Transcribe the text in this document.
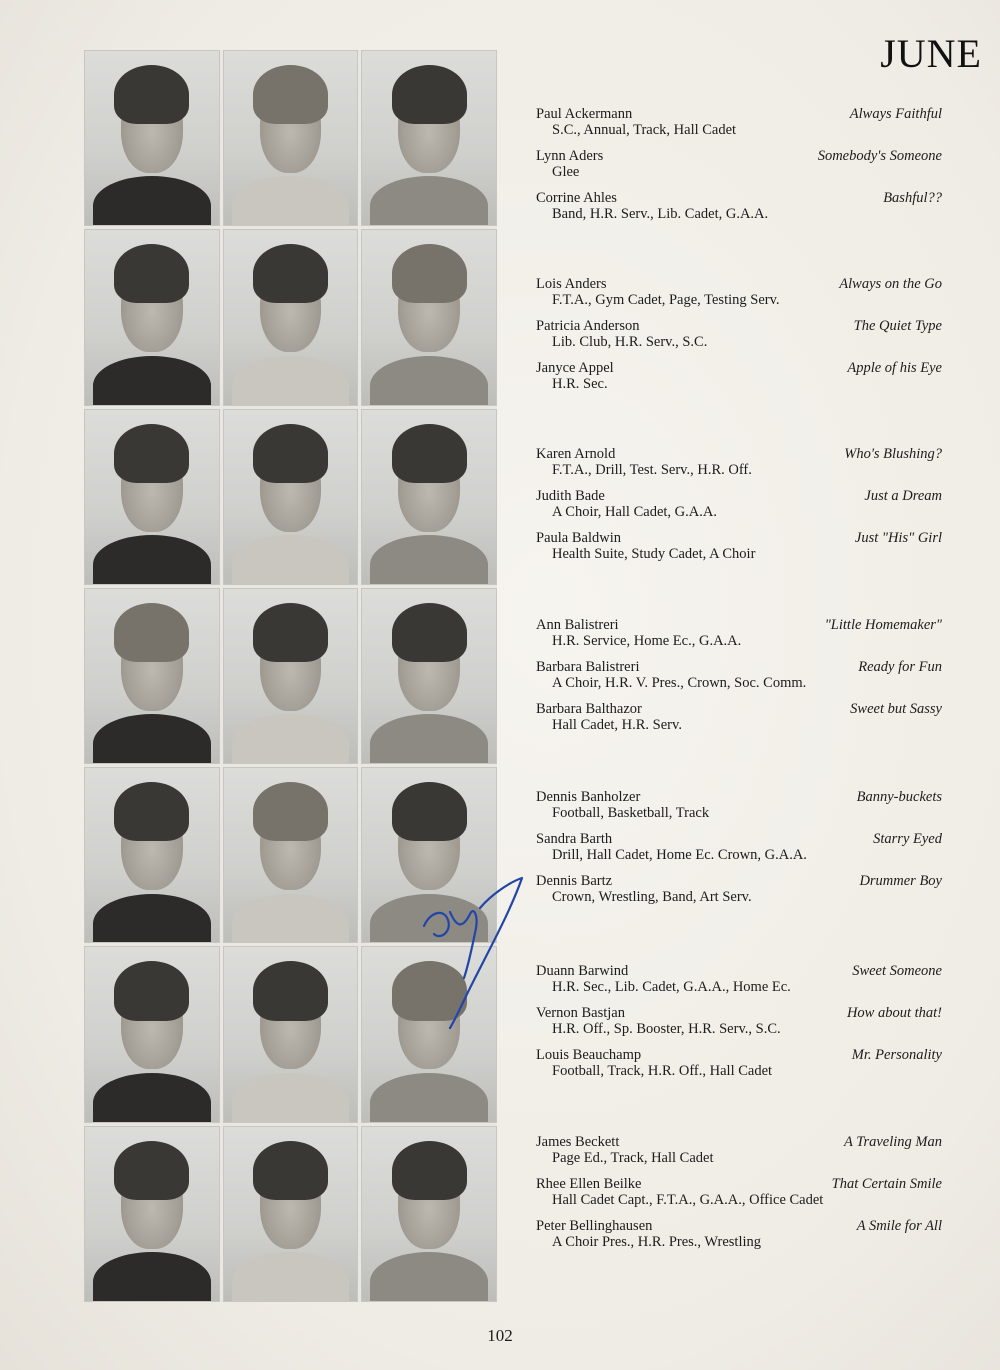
JUNE
Paul Ackermann	Always Faithful
S.C., Annual, Track, Hall Cadet
Lynn Aders	Somebody's Someone
Glee
Corrine Ahles	Bashful??
Band, H.R. Serv., Lib. Cadet, G.A.A.
Lois Anders	Always on the Go
F.T.A., Gym Cadet, Page, Testing Serv.
Patricia Anderson	The Quiet Type
Lib. Club, H.R. Serv., S.C.
Janyce Appel	Apple of his Eye
H.R. Sec.
Karen Arnold	Who's Blushing?
F.T.A., Drill, Test. Serv., H.R. Off.
Judith Bade	Just a Dream
A Choir, Hall Cadet, G.A.A.
Paula Baldwin	Just "His" Girl
Health Suite, Study Cadet, A Choir
Ann Balistreri	"Little Homemaker"
H.R. Service, Home Ec., G.A.A.
Barbara Balistreri	Ready for Fun
A Choir, H.R. V. Pres., Crown, Soc. Comm.
Barbara Balthazor	Sweet but Sassy
Hall Cadet, H.R. Serv.
Dennis Banholzer	Banny-buckets
Football, Basketball, Track
Sandra Barth	Starry Eyed
Drill, Hall Cadet, Home Ec. Crown, G.A.A.
Dennis Bartz	Drummer Boy
Crown, Wrestling, Band, Art Serv.
Duann Barwind	Sweet Someone
H.R. Sec., Lib. Cadet, G.A.A., Home Ec.
Vernon Bastjan	How about that!
H.R. Off., Sp. Booster, H.R. Serv., S.C.
Louis Beauchamp	Mr. Personality
Football, Track, H.R. Off., Hall Cadet
James Beckett	A Traveling Man
Page Ed., Track, Hall Cadet
Rhee Ellen Beilke	That Certain Smile
Hall Cadet Capt., F.T.A., G.A.A., Office Cadet
Peter Bellinghausen	A Smile for All
A Choir Pres., H.R. Pres., Wrestling
102
